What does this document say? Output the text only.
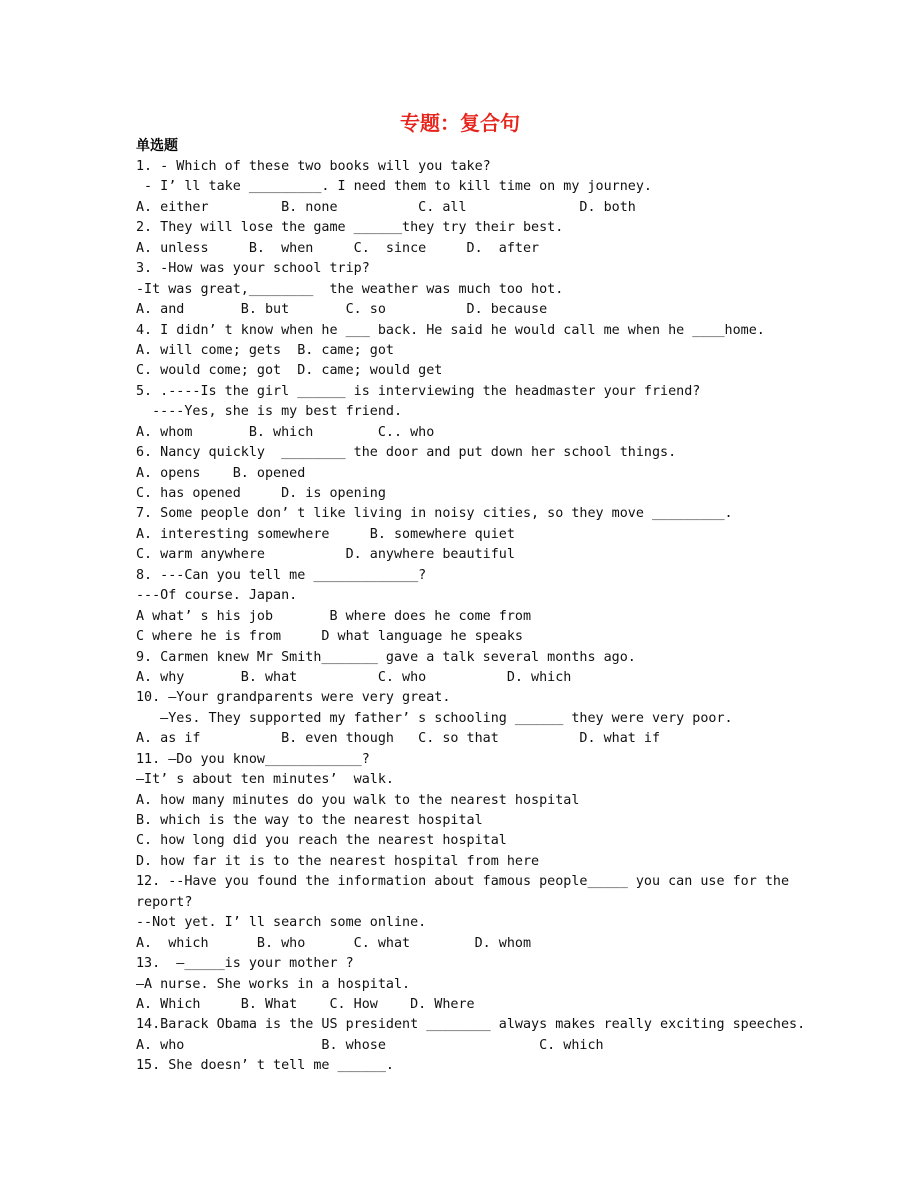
专题：复合句
单选题
1. - Which of these two books will you take?
- I’ ll take _________. I need them to kill time on my journey.
A. either         B. none          C. all              D. both
2. They will lose the game ______they try their best.
A. unless     B.  when     C.  since     D.  after
3. -How was your school trip?
-It was great,________  the weather was much too hot.
A. and       B. but       C. so          D. because
4. I didn’ t know when he ___ back. He said he would call me when he ____home.
A. will come; gets  B. came; got
C. would come; got  D. came; would get
5. .----Is the girl ______ is interviewing the headmaster your friend?
----Yes, she is my best friend.
A. whom       B. which        C.. who
6. Nancy quickly  ________ the door and put down her school things.
A. opens    B. opened
C. has opened     D. is opening
7. Some people don’ t like living in noisy cities, so they move _________.
A. interesting somewhere     B. somewhere quiet
C. warm anywhere          D. anywhere beautiful
8. ---Can you tell me _____________?
---Of course. Japan.
A what’ s his job       B where does he come from
C where he is from     D what language he speaks
9. Carmen knew Mr Smith_______ gave a talk several months ago.
A. why       B. what          C. who          D. which
10. —Your grandparents were very great.
—Yes. They supported my father’ s schooling ______ they were very poor.
A. as if          B. even though   C. so that          D. what if
11. —Do you know____________?
—It’ s about ten minutes’  walk.
A. how many minutes do you walk to the nearest hospital
B. which is the way to the nearest hospital
C. how long did you reach the nearest hospital
D. how far it is to the nearest hospital from here
12. --Have you found the information about famous people_____ you can use for the
report?
--Not yet. I’ ll search some online.
A.  which      B. who      C. what        D. whom
13.  —_____is your mother ?
—A nurse. She works in a hospital.
A. Which     B. What    C. How    D. Where
14.Barack Obama is the US president ________ always makes really exciting speeches.
A. who                 B. whose                   C. which
15. She doesn’ t tell me ______.
